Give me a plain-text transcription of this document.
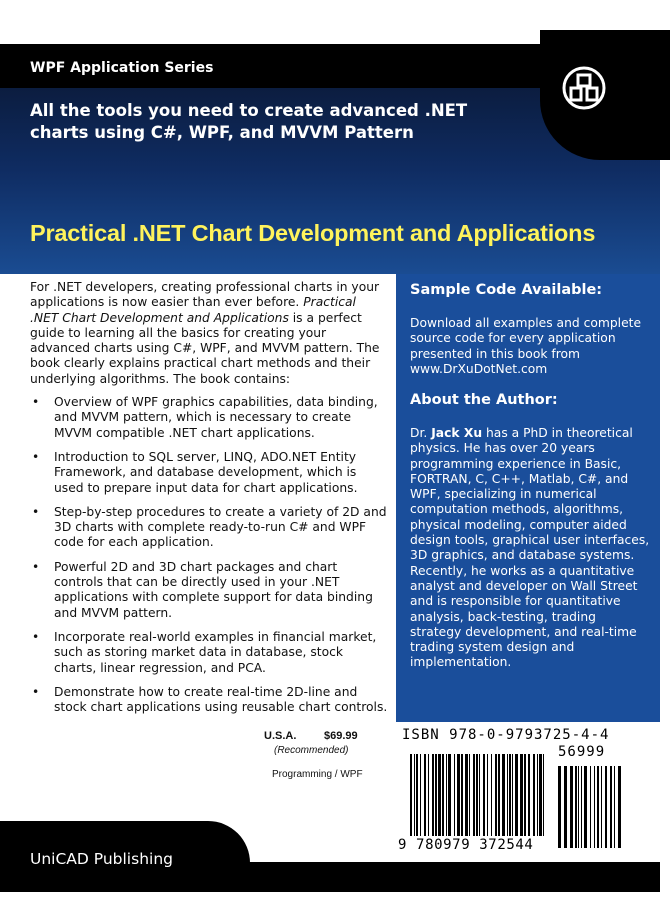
WPF Application Series
All the tools you need to create advanced .NET charts using C#, WPF, and MVVM Pattern
Practical .NET Chart Development and Applications

For .NET developers, creating professional charts in your applications is now easier than ever before. Practical .NET Chart Development and Applications is a perfect guide to learning all the basics for creating your advanced charts using C#, WPF, and MVVM pattern. The book clearly explains practical chart methods and their underlying algorithms. The book contains:

• Overview of WPF graphics capabilities, data binding, and MVVM pattern, which is necessary to create MVVM compatible .NET chart applications.
• Introduction to SQL server, LINQ, ADO.NET Entity Framework, and database development, which is used to prepare input data for chart applications.
• Step-by-step procedures to create a variety of 2D and 3D charts with complete ready-to-run C# and WPF code for each application.
• Powerful 2D and 3D chart packages and chart controls that can be directly used in your .NET applications with complete support for data binding and MVVM pattern.
• Incorporate real-world examples in financial market, such as storing market data in database, stock charts, linear regression, and PCA.
• Demonstrate how to create real-time 2D-line and stock chart applications using reusable chart controls.
Sample Code Available:
Download all examples and complete source code for every application presented in this book from www.DrXuDotNet.com
About the Author:
Dr. Jack Xu has a PhD in theoretical physics. He has over 20 years programming experience in Basic, FORTRAN, C, C++, Matlab, C#, and WPF, specializing in numerical computation methods, algorithms, physical modeling, computer aided design tools, graphical user interfaces, 3D graphics, and database systems. Recently, he works as a quantitative analyst and developer on Wall Street and is responsible for quantitative analysis, back-testing, trading strategy development, and real-time trading system design and implementation.
U.S.A.	$69.99
(Recommended)
Programming / WPF
ISBN 978-0-9793725-4-4
56999
9 780979 372544
UniCAD Publishing
